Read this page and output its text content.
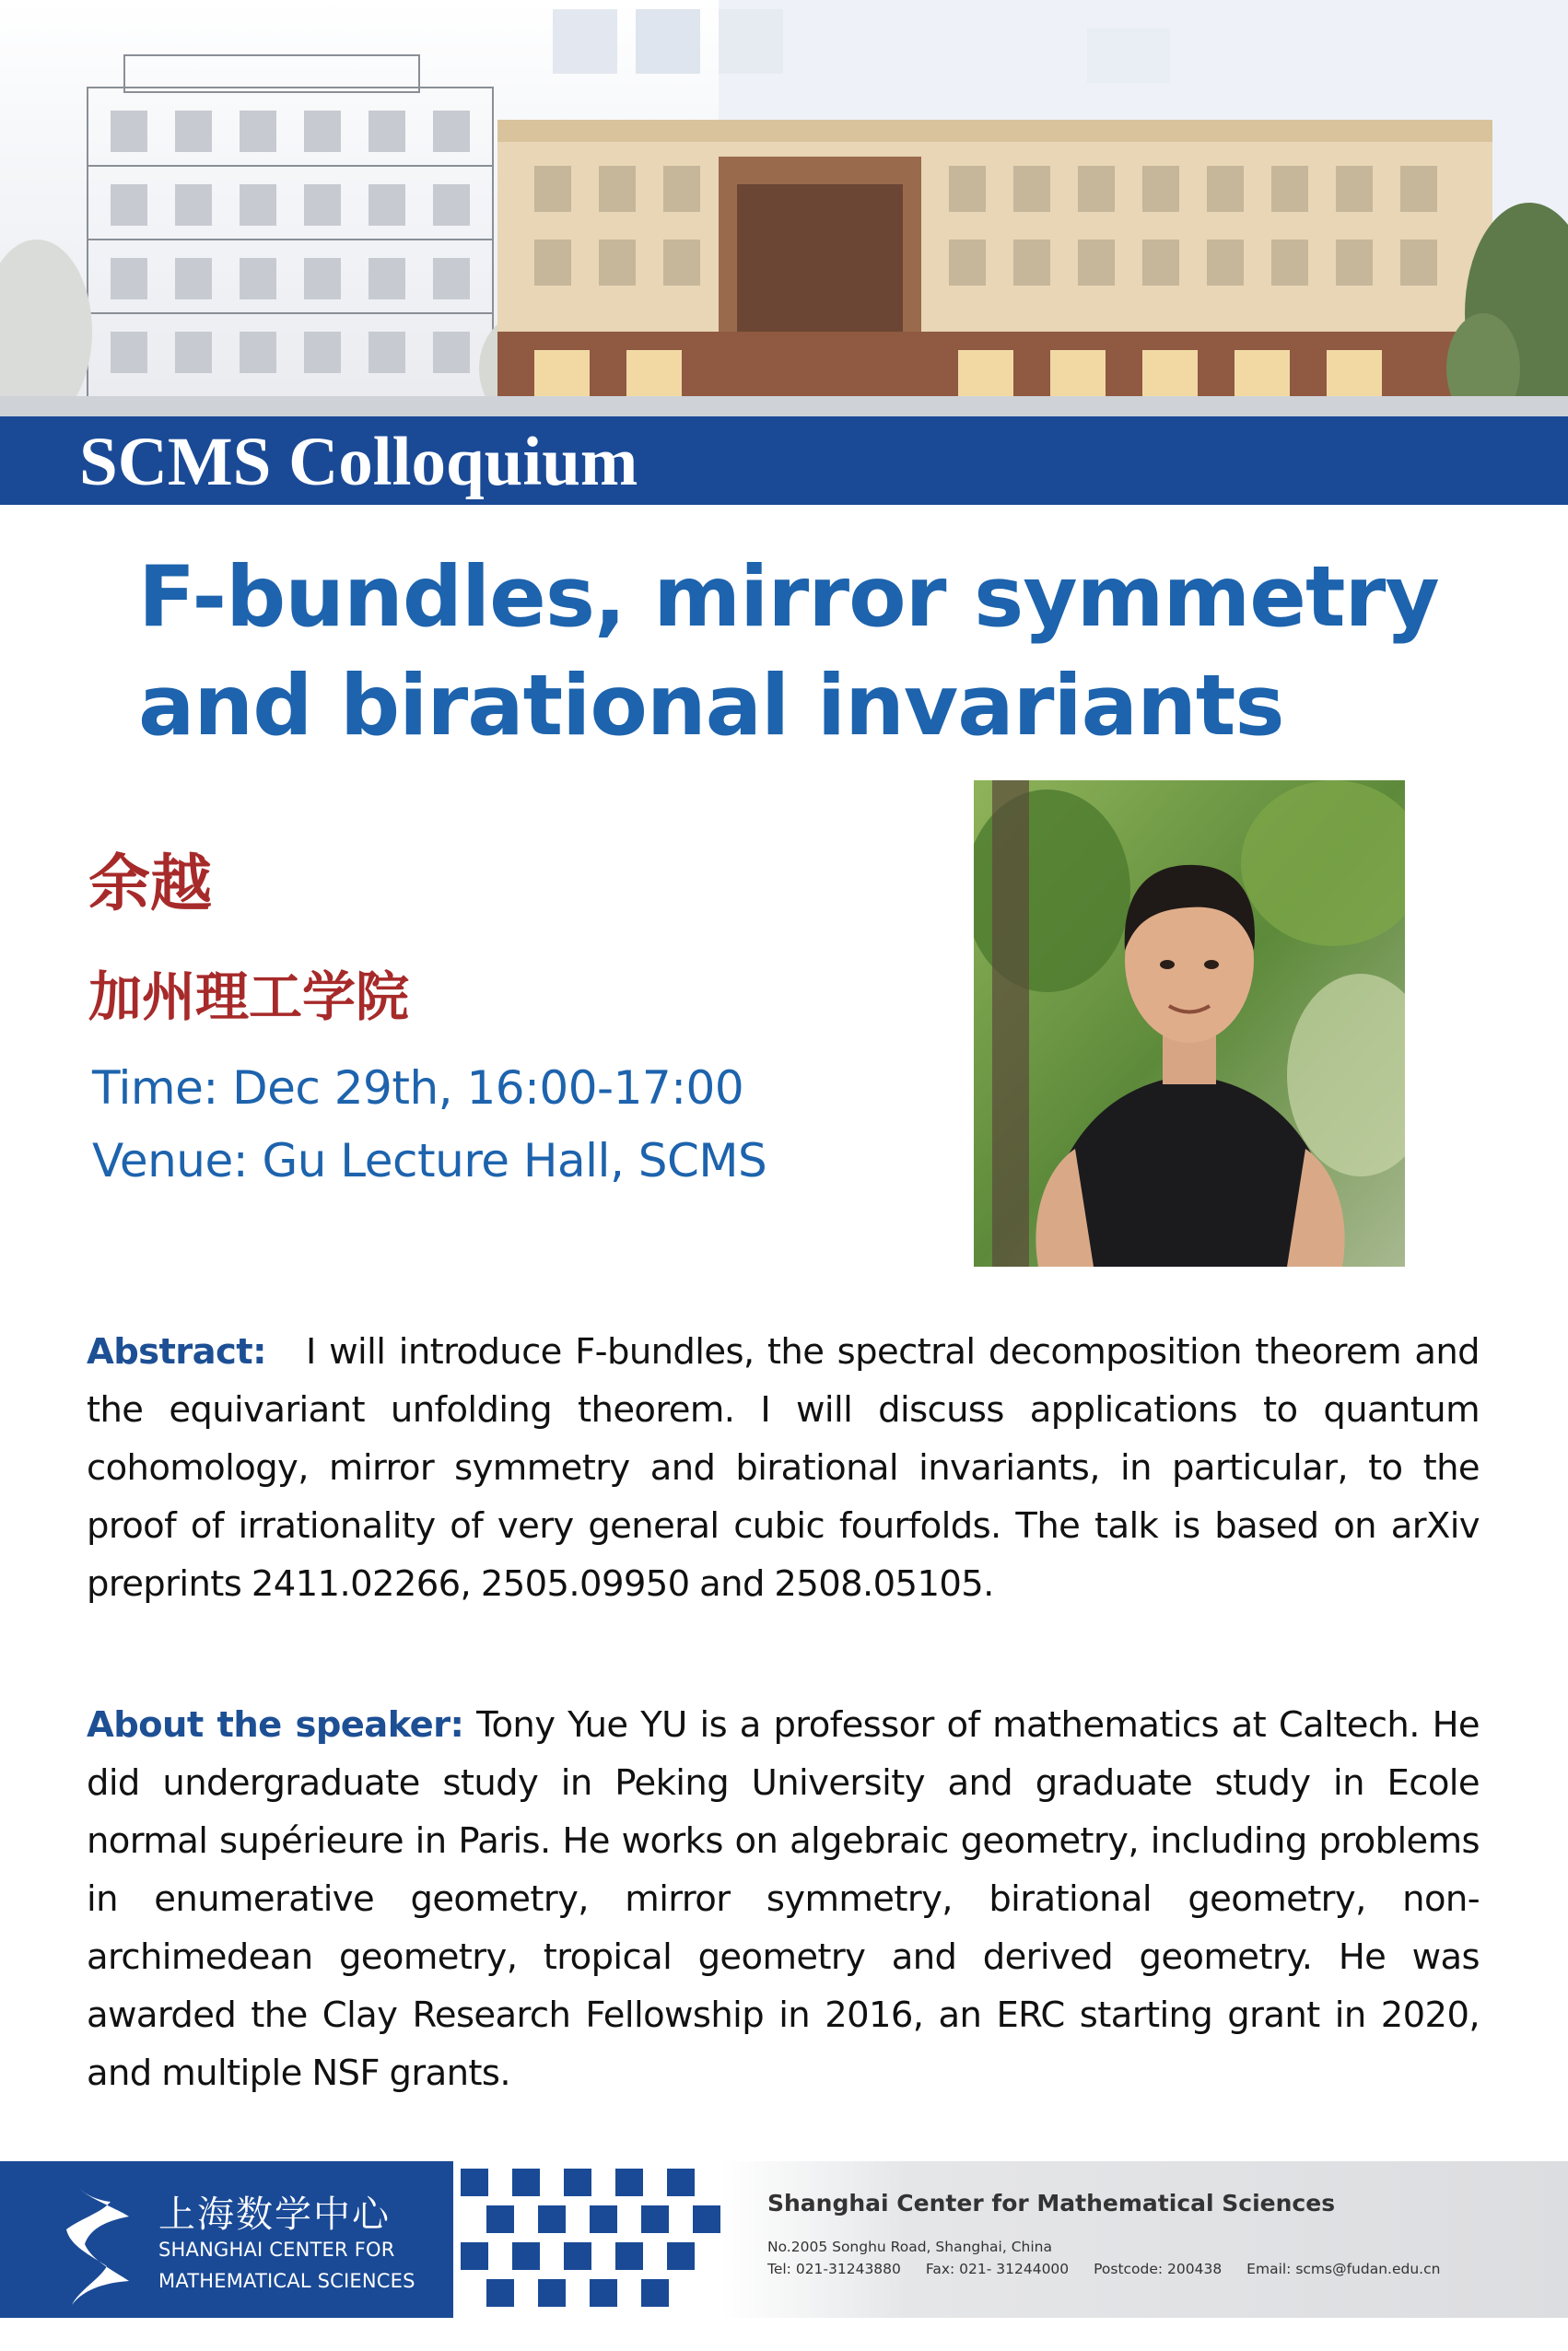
SCMS Colloquium
F-bundles, mirror symmetry
and birational invariants
余越
加州理工学院
Time: Dec 29th, 16:00-17:00
Venue: Gu Lecture Hall, SCMS
Abstract: I will introduce F-bundles, the spectral decomposition theorem and the equivariant unfolding theorem. I will discuss applications to quantum cohomology, mirror symmetry and birational invariants, in particular, to the proof of irrationality of very general cubic fourfolds. The talk is based on arXiv preprints 2411.02266, 2505.09950 and 2508.05105.
About the speaker: Tony Yue YU is a professor of mathematics at Caltech. He did undergraduate study in Peking University and graduate study in Ecole normal supérieure in Paris. He works on algebraic geometry, including problems in enumerative geometry, mirror symmetry, birational geometry, non-archimedean geometry, tropical geometry and derived geometry. He was awarded the Clay Research Fellowship in 2016, an ERC starting grant in 2020, and multiple NSF grants.
上海数学中心
SHANGHAI CENTER FOR
MATHEMATICAL SCIENCES
Shanghai Center for Mathematical Sciences
No.2005 Songhu Road, Shanghai, China
Tel: 021-31243880 Fax: 021- 31244000 Postcode: 200438 Email: scms@fudan.edu.cn
